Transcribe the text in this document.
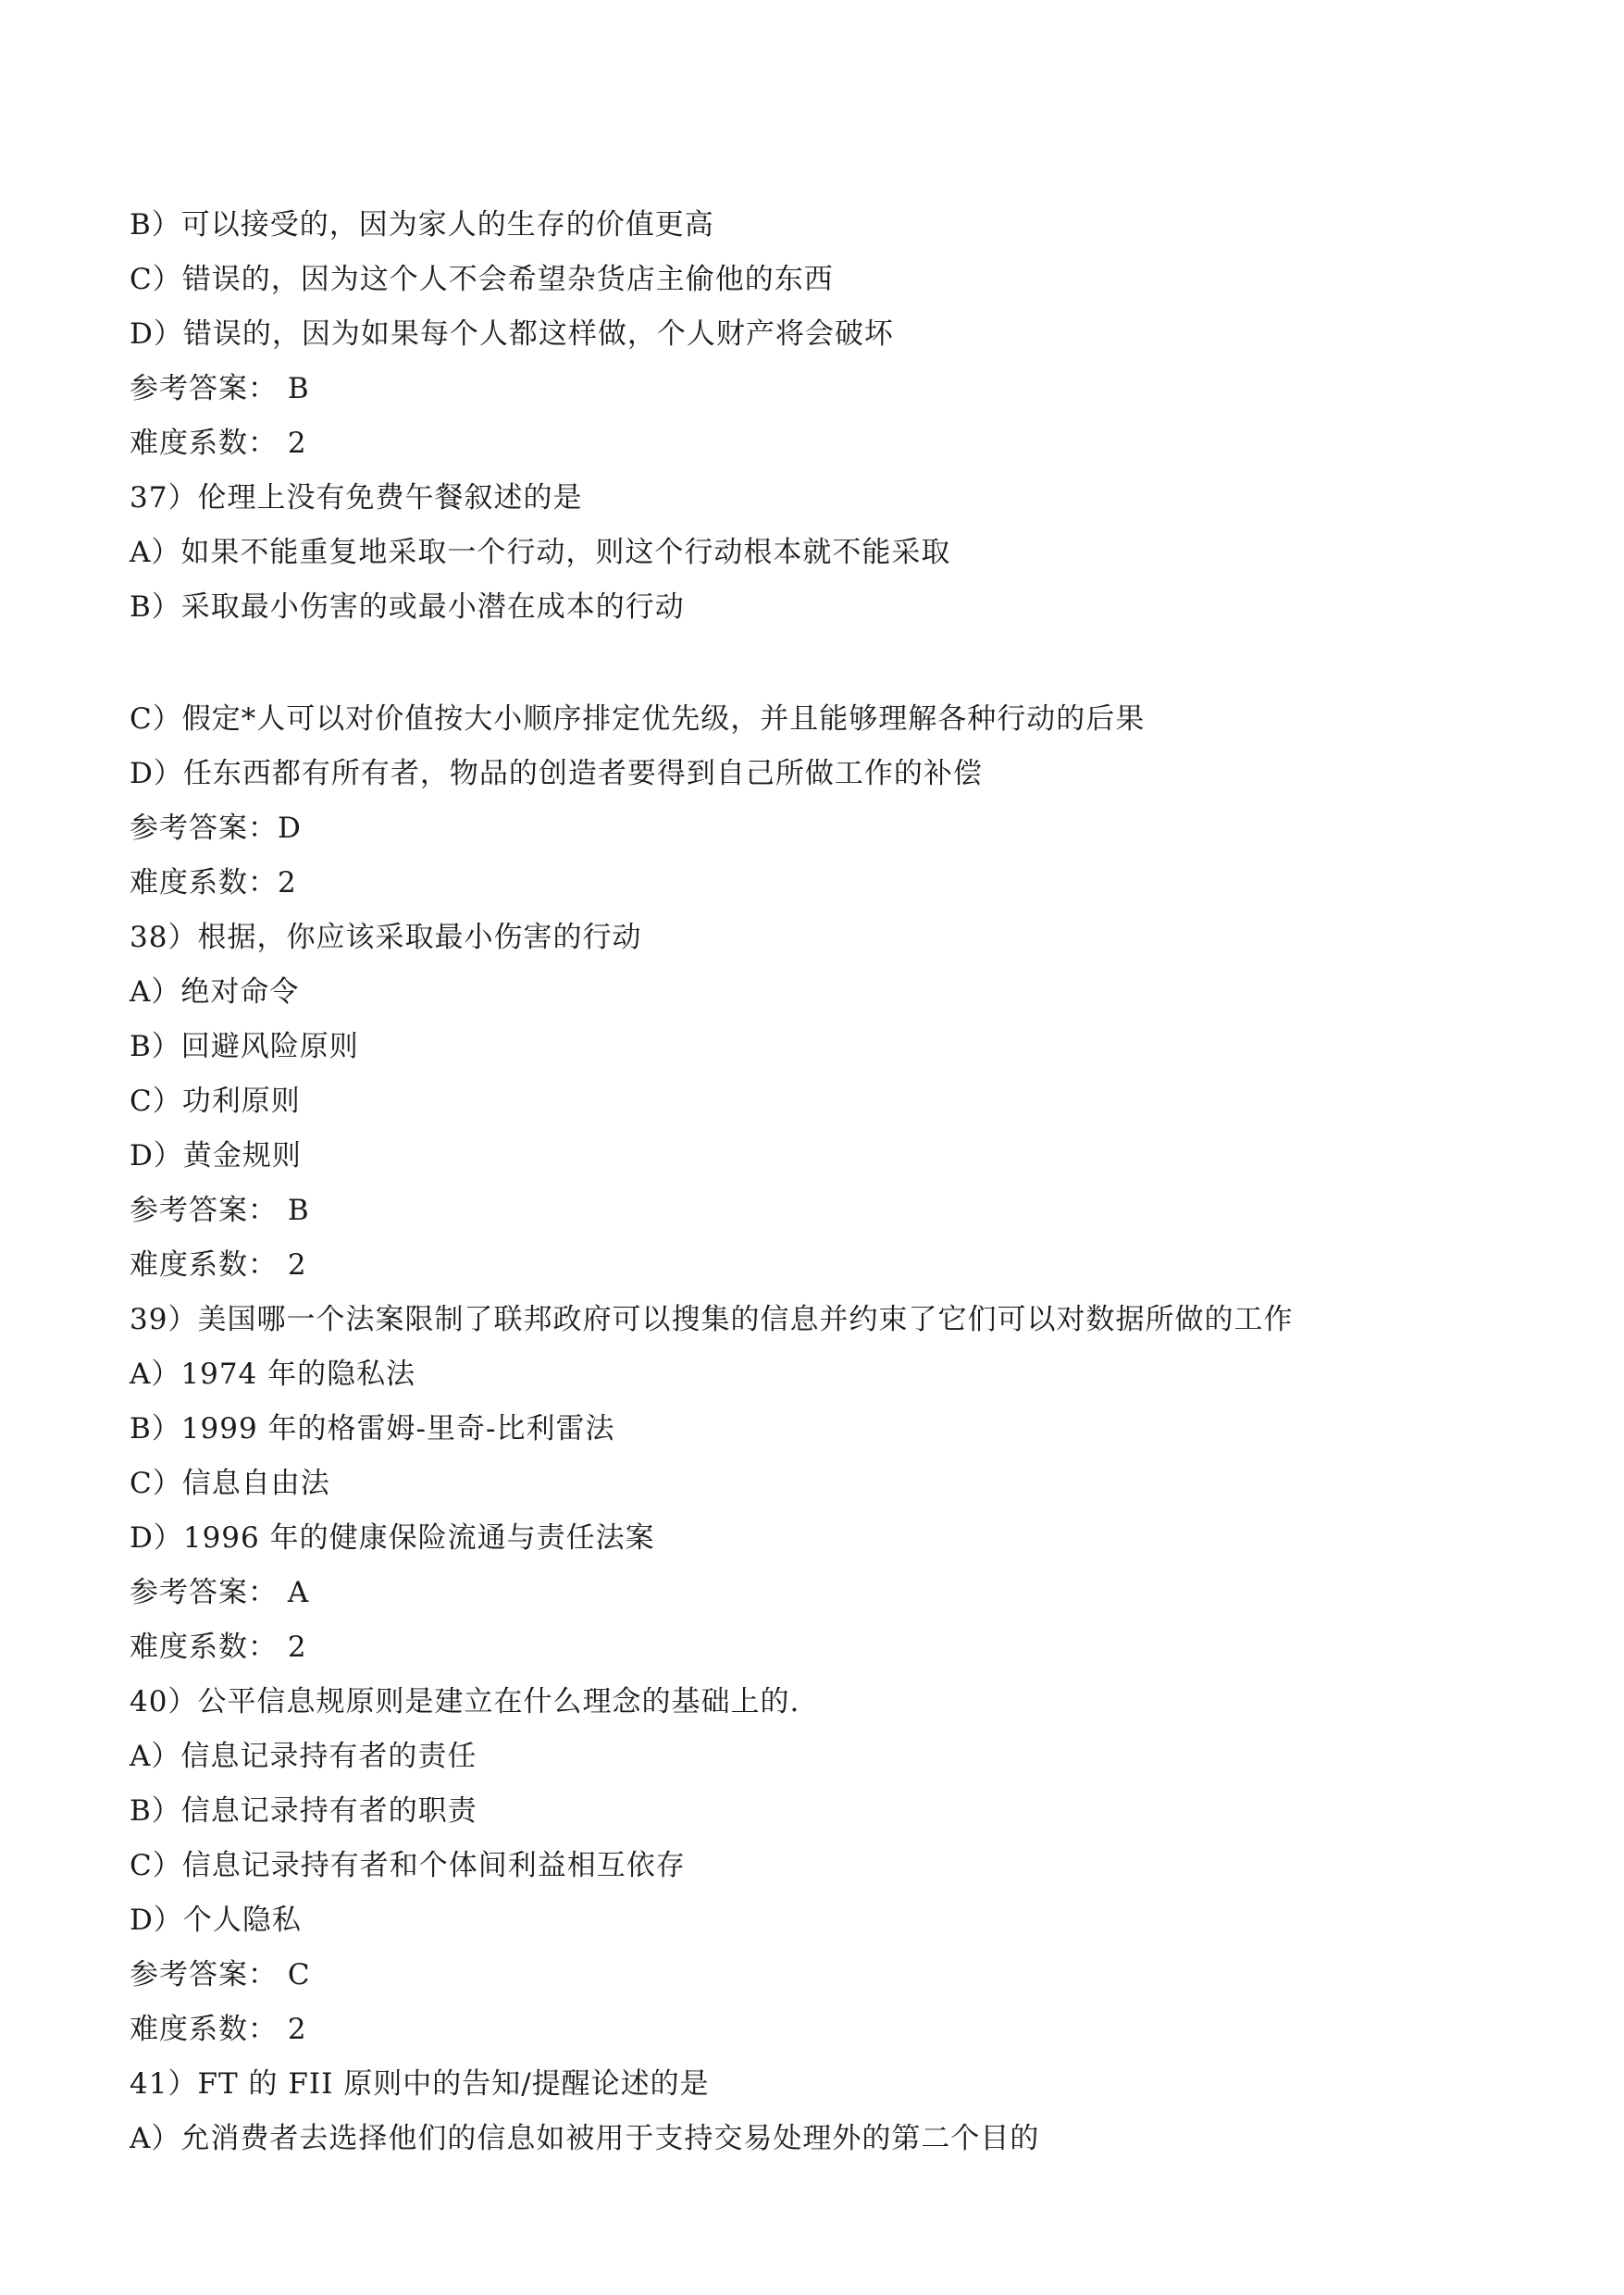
B）可以接受的，因为家人的生存的价值更高
C）错误的，因为这个人不会希望杂货店主偷他的东西
D）错误的，因为如果每个人都这样做，个人财产将会破坏
参考答案： B
难度系数： 2
37）伦理上没有免费午餐叙述的是
A）如果不能重复地采取一个行动，则这个行动根本就不能采取
B）采取最小伤害的或最小潜在成本的行动
C）假定*人可以对价值按大小顺序排定优先级，并且能够理解各种行动的后果
D）任东西都有所有者，物品的创造者要得到自己所做工作的补偿
参考答案：D
难度系数：2
38）根据，你应该采取最小伤害的行动
A）绝对命令
B）回避风险原则
C）功利原则
D）黄金规则
参考答案： B
难度系数： 2
39）美国哪一个法案限制了联邦政府可以搜集的信息并约束了它们可以对数据所做的工作
A）1974 年的隐私法
B）1999 年的格雷姆-里奇-比利雷法
C）信息自由法
D）1996 年的健康保险流通与责任法案
参考答案： A
难度系数： 2
40）公平信息规原则是建立在什么理念的基础上的.
A）信息记录持有者的责任
B）信息记录持有者的职责
C）信息记录持有者和个体间利益相互依存
D）个人隐私
参考答案： C
难度系数： 2
41）FT 的 FII 原则中的告知/提醒论述的是
A）允消费者去选择他们的信息如被用于支持交易处理外的第二个目的
